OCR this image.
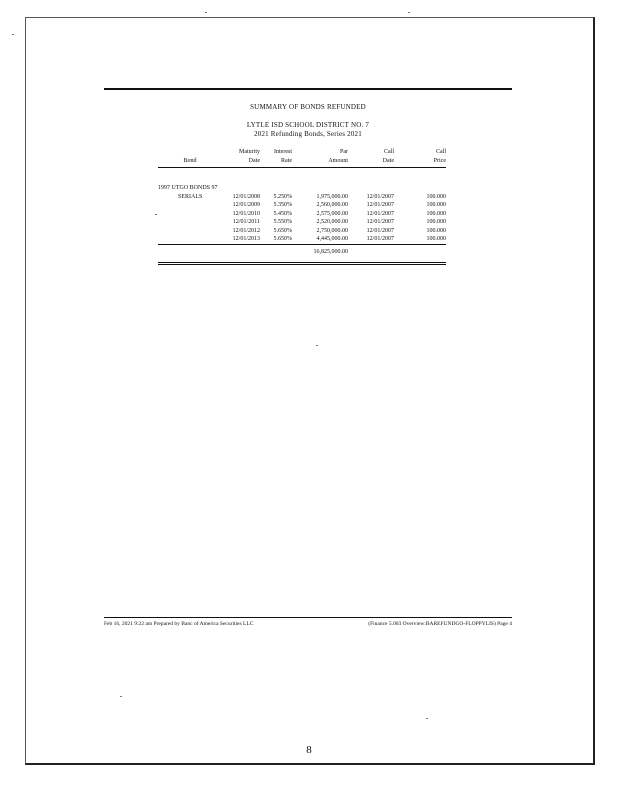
SUMMARY OF BONDS REFUNDED
LYTLE ISD SCHOOL DISTRICT NO. 7
2021 Refunding Bonds, Series 2021
	Maturity	Interest	Par	Call	Call
Bond	Date	Rate	Amount	Date	Price
1997 UTGO BONDS 97					
SERIALS	12/01/2008	5.250%	1,975,000.00	12/01/2007	100.000
	12/01/2009	5.350%	2,560,000.00	12/01/2007	100.000
	12/01/2010	5.450%	2,575,000.00	12/01/2007	100.000
	12/01/2011	5.550%	2,520,000.00	12/01/2007	100.000
	12/01/2012	5.650%	2,750,000.00	12/01/2007	100.000
	12/01/2013	5.650%	4,445,000.00	12/01/2007	100.000
			16,825,000.00		
Feb 16, 2021 9:22 am Prepared by Banc of America Securities LLC	(Finance 5.003 Overview:BAREFUNDGO-FLOPPYLIS) Page 4
8
